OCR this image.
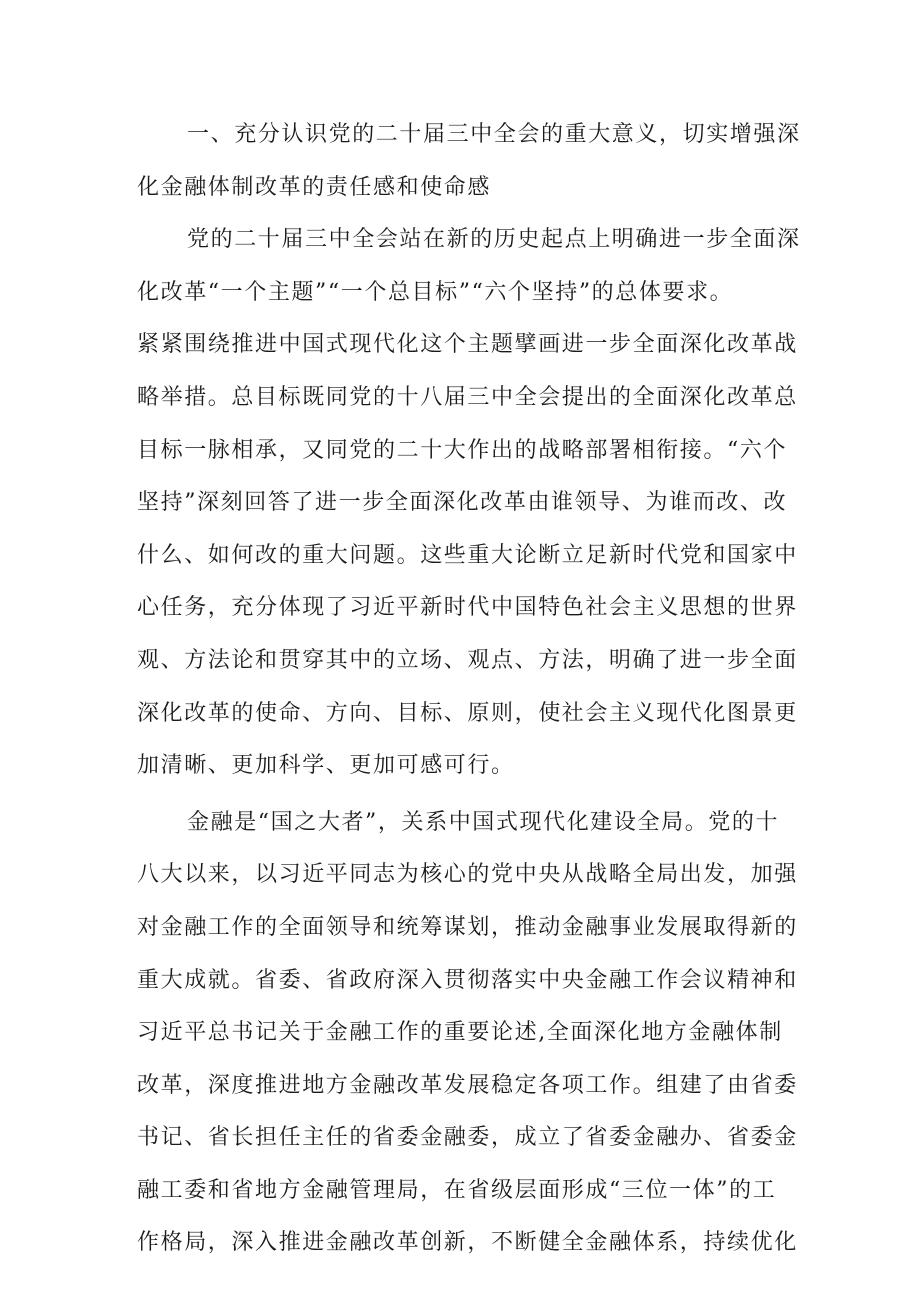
一、充分认识党的二十届三中全会的重大意义，切实增强深
化金融体制改革的责任感和使命感
党的二十届三中全会站在新的历史起点上明确进一步全面深
化改革“一个主题”“一个总目标”“六个坚持”的总体要求。
紧紧围绕推进中国式现代化这个主题擘画进一步全面深化改革战
略举措。总目标既同党的十八届三中全会提出的全面深化改革总
目标一脉相承，又同党的二十大作出的战略部署相衔接。“六个
坚持”深刻回答了进一步全面深化改革由谁领导、为谁而改、改
什么、如何改的重大问题。这些重大论断立足新时代党和国家中
心任务，充分体现了习近平新时代中国特色社会主义思想的世界
观、方法论和贯穿其中的立场、观点、方法，明确了进一步全面
深化改革的使命、方向、目标、原则，使社会主义现代化图景更
加清晰、更加科学、更加可感可行。
金融是“国之大者”，关系中国式现代化建设全局。党的十
八大以来，以习近平同志为核心的党中央从战略全局出发，加强
对金融工作的全面领导和统筹谋划，推动金融事业发展取得新的
重大成就。省委、省政府深入贯彻落实中央金融工作会议精神和
习近平总书记关于金融工作的重要论述,全面深化地方金融体制
改革，深度推进地方金融改革发展稳定各项工作。组建了由省委
书记、省长担任主任的省委金融委，成立了省委金融办、省委金
融工委和省地方金融管理局，在省级层面形成“三位一体”的工
作格局，深入推进金融改革创新，不断健全金融体系，持续优化
